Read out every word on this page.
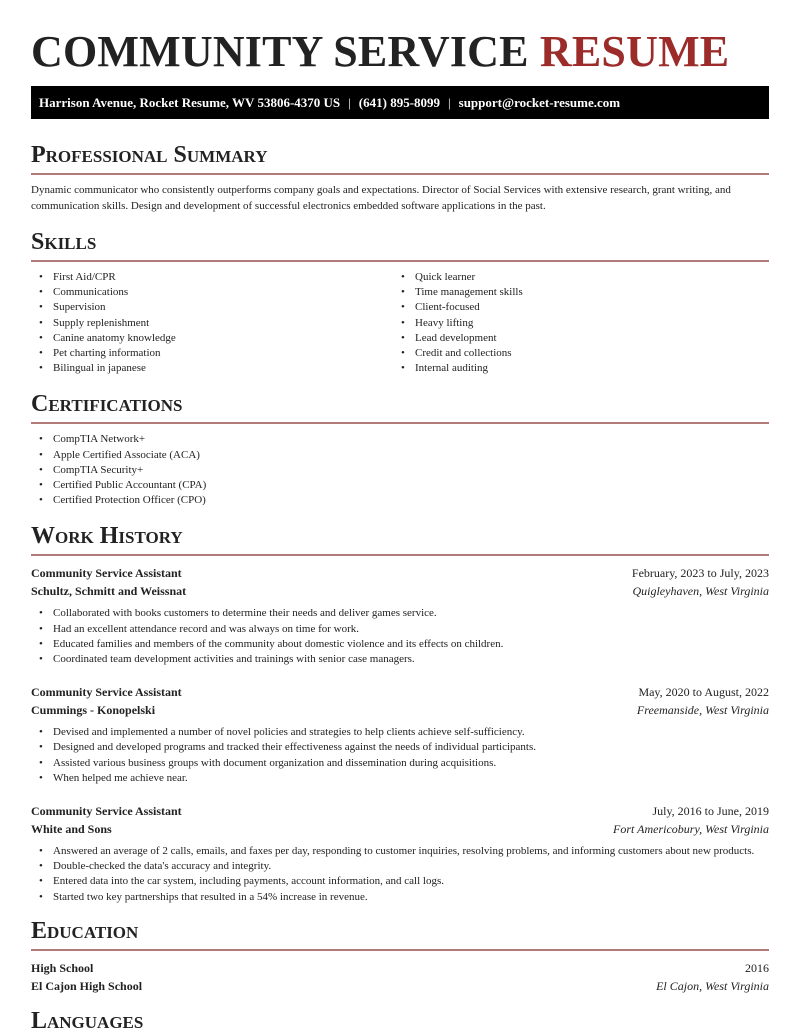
COMMUNITY SERVICE RESUME
Harrison Avenue, Rocket Resume, WV 53806-4370 US | (641) 895-8099 | support@rocket-resume.com
Professional Summary

Dynamic communicator who consistently outperforms company goals and expectations. Director of Social Services with extensive research, grant writing, and communication skills. Design and development of successful electronics embedded software applications in the past.

Skills
• First Aid/CPR
• Communications
• Supervision
• Supply replenishment
• Canine anatomy knowledge
• Pet charting information
• Bilingual in japanese
• Quick learner
• Time management skills
• Client-focused
• Heavy lifting
• Lead development
• Credit and collections
• Internal auditing
Certifications
• CompTIA Network+
• Apple Certified Associate (ACA)
• CompTIA Security+
• Certified Public Accountant (CPA)
• Certified Protection Officer (CPO)
Work History
Community Service Assistant	February, 2023 to July, 2023
Schultz, Schmitt and Weissnat	Quigleyhaven, West Virginia
• Collaborated with books customers to determine their needs and deliver games service.
• Had an excellent attendance record and was always on time for work.
• Educated families and members of the community about domestic violence and its effects on children.
• Coordinated team development activities and trainings with senior case managers.
Community Service Assistant	May, 2020 to August, 2022
Cummings - Konopelski	Freemanside, West Virginia
• Devised and implemented a number of novel policies and strategies to help clients achieve self-sufficiency.
• Designed and developed programs and tracked their effectiveness against the needs of individual participants.
• Assisted various business groups with document organization and dissemination during acquisitions.
• When helped me achieve near.
Community Service Assistant	July, 2016 to June, 2019
White and Sons	Fort Americobury, West Virginia
• Answered an average of 2 calls, emails, and faxes per day, responding to customer inquiries, resolving problems, and informing customers about new products.
• Double-checked the data's accuracy and integrity.
• Entered data into the car system, including payments, account information, and call logs.
• Started two key partnerships that resulted in a 54% increase in revenue.
Education
High School	2016
El Cajon High School	El Cajon, West Virginia
Languages
